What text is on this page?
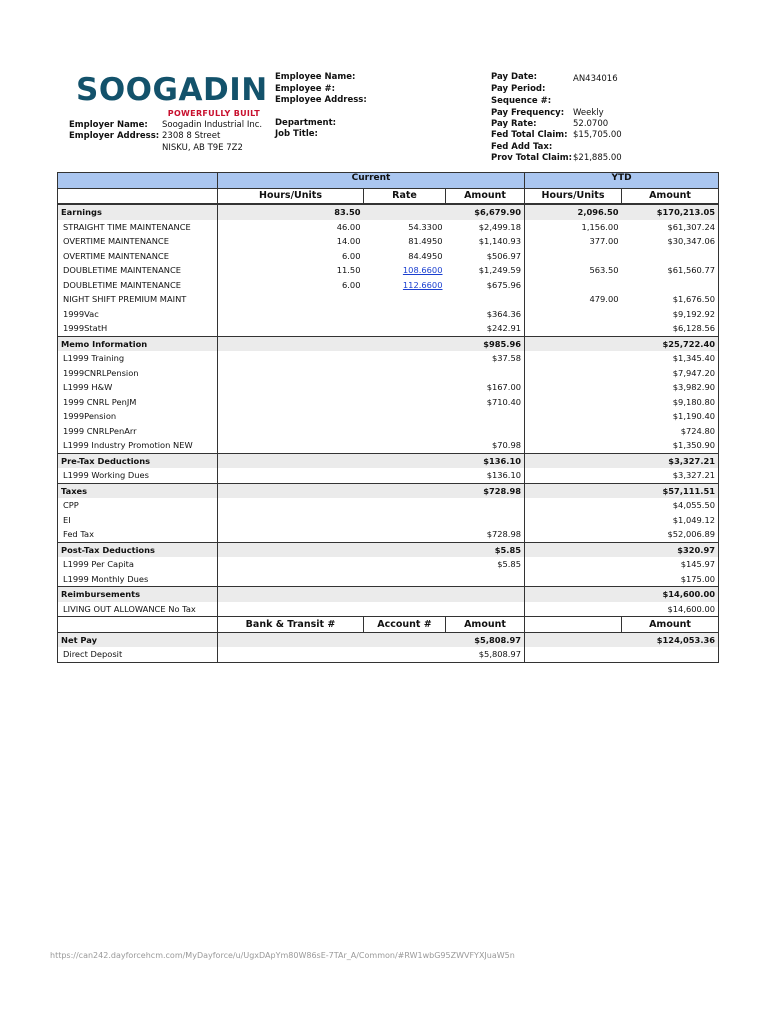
SOOGADIN
POWERFULLY BUILT
Employer Name: Soogadin Industrial Inc.
Employer Address: 2308 8 Street
NISKU, AB T9E 7Z2
Employee Name:
Employee #:
Employee Address:
Department:
Job Title:
Pay Date:	AN434016
Pay Period:
Sequence #:
Pay Frequency: Weekly
Pay Rate:	52.0700
Fed Total Claim: $15,705.00
Fed Add Tax:
Prov Total Claim: $21,885.00
	Current			YTD	
	Hours/Units	Rate	Amount	Hours/Units	Amount
Earnings	83.50		$6,679.90	2,096.50	$170,213.05
STRAIGHT TIME MAINTENANCE	46.00	54.3300	$2,499.18	1,156.00	$61,307.24
OVERTIME MAINTENANCE	14.00	81.4950	$1,140.93	377.00	$30,347.06
OVERTIME MAINTENANCE	6.00	84.4950	$506.97		
DOUBLETIME MAINTENANCE	11.50	108.6600	$1,249.59	563.50	$61,560.77
DOUBLETIME MAINTENANCE	6.00	112.6600	$675.96		
NIGHT SHIFT PREMIUM MAINT				479.00	$1,676.50
1999Vac			$364.36		$9,192.92
1999StatH			$242.91		$6,128.56
Memo Information			$985.96		$25,722.40
L1999 Training			$37.58		$1,345.40
1999CNRLPension					$7,947.20
L1999 H&W			$167.00		$3,982.90
1999 CNRL PenJM			$710.40		$9,180.80
1999Pension					$1,190.40
1999 CNRLPenArr					$724.80
L1999 Industry Promotion NEW			$70.98		$1,350.90
Pre-Tax Deductions			$136.10		$3,327.21
L1999 Working Dues			$136.10		$3,327.21
Taxes			$728.98		$57,111.51
CPP					$4,055.50
EI					$1,049.12
Fed Tax			$728.98		$52,006.89
Post-Tax Deductions			$5.85		$320.97
L1999 Per Capita			$5.85		$145.97
L1999 Monthly Dues					$175.00
Reimbursements					$14,600.00
LIVING OUT ALLOWANCE No Tax					$14,600.00
	Bank & Transit #	Account #	Amount		Amount
Net Pay			$5,808.97		$124,053.36
Direct Deposit			$5,808.97		
https://can242.dayforcehcm.com/MyDayforce/u/UgxDApYm80W86sE-7TAr_A/Common/#RW1wbG95ZWVFYXJuaW5n
